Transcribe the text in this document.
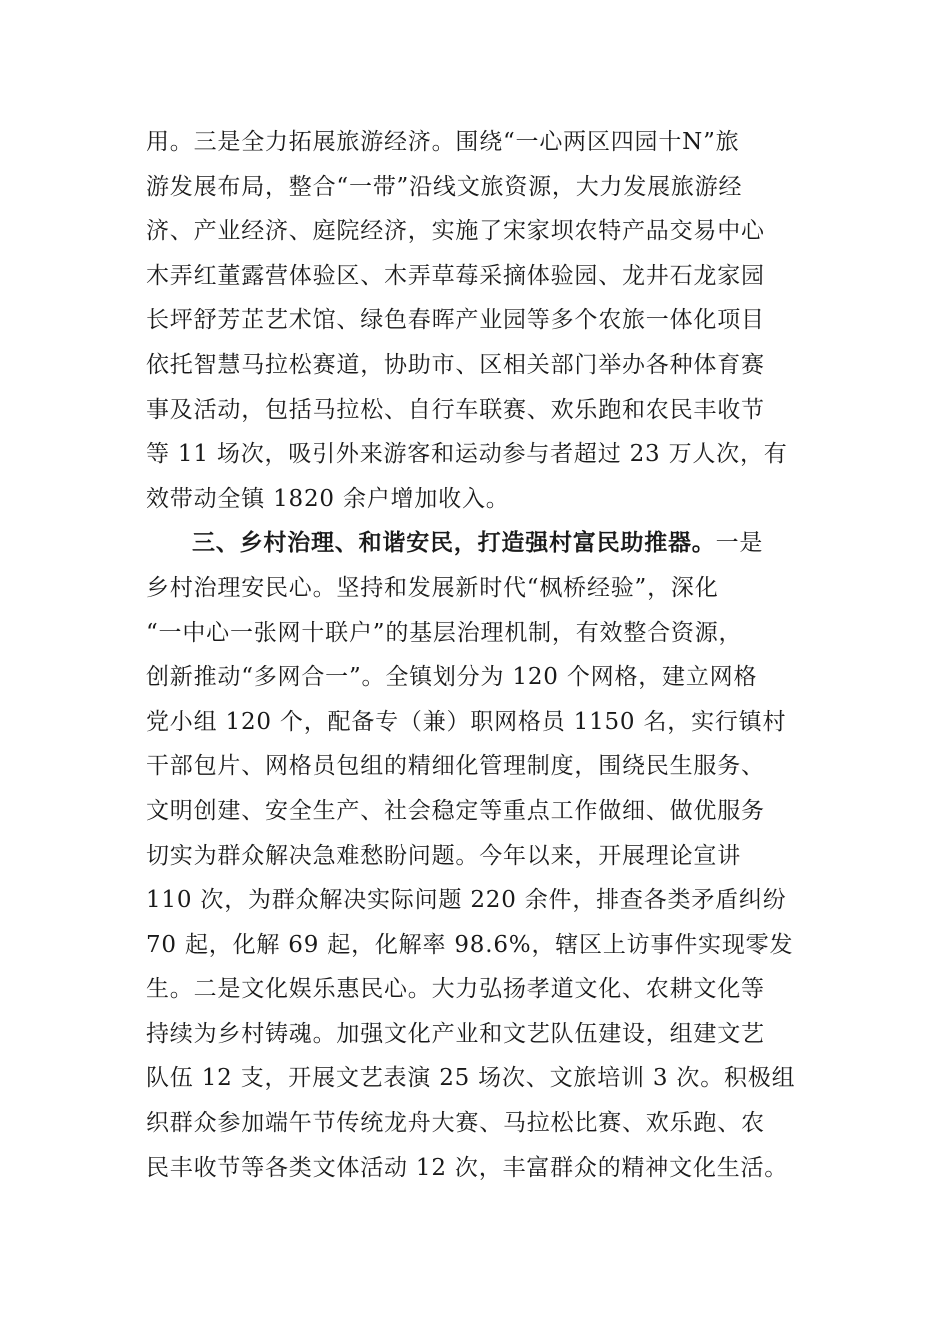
用。三是全力拓展旅游经济。围绕“一心两区四园十N”旅
游发展布局，整合“一带”沿线文旅资源，大力发展旅游经
济、产业经济、庭院经济，实施了宋家坝农特产品交易中心
木弄红董露营体验区、木弄草莓采摘体验园、龙井石龙家园
长坪舒芳芷艺术馆、绿色春晖产业园等多个农旅一体化项目
依托智慧马拉松赛道，协助市、区相关部门举办各种体育赛
事及活动，包括马拉松、自行车联赛、欢乐跑和农民丰收节
等 11 场次，吸引外来游客和运动参与者超过 23 万人次，有
效带动全镇 1820 余户增加收入。
三、乡村治理、和谐安民，打造强村富民助推器。一是
乡村治理安民心。坚持和发展新时代“枫桥经验”，深化
“一中心一张网十联户”的基层治理机制，有效整合资源，
创新推动“多网合一”。全镇划分为 120 个网格，建立网格
党小组 120 个，配备专（兼）职网格员 1150 名，实行镇村
干部包片、网格员包组的精细化管理制度，围绕民生服务、
文明创建、安全生产、社会稳定等重点工作做细、做优服务
切实为群众解决急难愁盼问题。今年以来，开展理论宣讲
110 次，为群众解决实际问题 220 余件，排查各类矛盾纠纷
70 起，化解 69 起，化解率 98.6%，辖区上访事件实现零发
生。二是文化娱乐惠民心。大力弘扬孝道文化、农耕文化等
持续为乡村铸魂。加强文化产业和文艺队伍建设，组建文艺
队伍 12 支，开展文艺表演 25 场次、文旅培训 3 次。积极组
织群众参加端午节传统龙舟大赛、马拉松比赛、欢乐跑、农
民丰收节等各类文体活动 12 次，丰富群众的精神文化生活。
